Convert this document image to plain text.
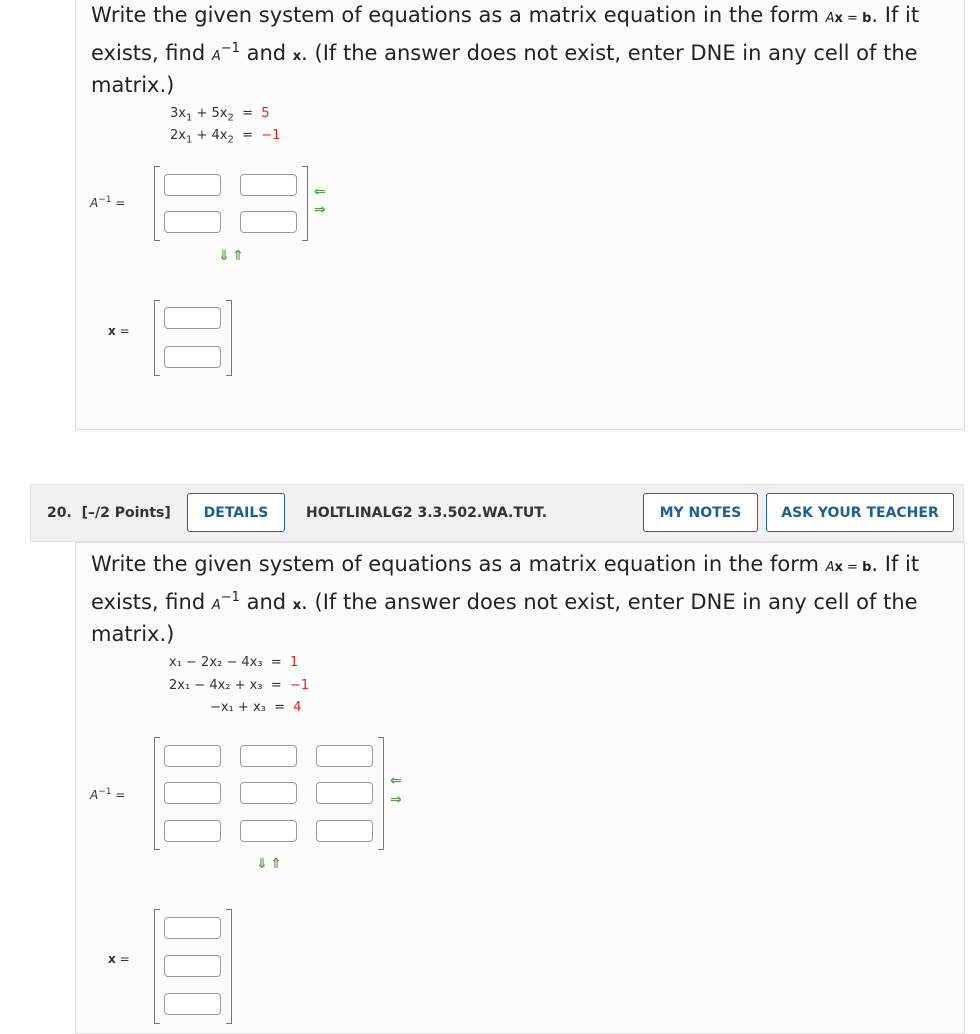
Write the given system of equations as a matrix equation in the form Ax = b. If it exists, find $A^{-1}$ and x. (If the answer does not exist, enter DNE in any cell of the matrix.)
$3x_1 + 5x_2 = 5$
$2x_1 + 4x_2 = -1$
$A^{-1}$ =
⇐
⇒
⇓ ⇑
x =
20. [–/2 Points]	DETAILS	HOLTLINALG2 3.3.502.WA.TUT.	MY NOTES	ASK YOUR TEACHER
Write the given system of equations as a matrix equation in the form Ax = b. If it exists, find $A^{-1}$ and x. (If the answer does not exist, enter DNE in any cell of the matrix.)
x₁ − 2x₂ − 4x₃  =  1
2x₁ − 4x₂ + x₃  =  −1
−x₁ + x₃  =  4
$A^{-1}$ =
⇐
⇒
⇓ ⇑
x =
